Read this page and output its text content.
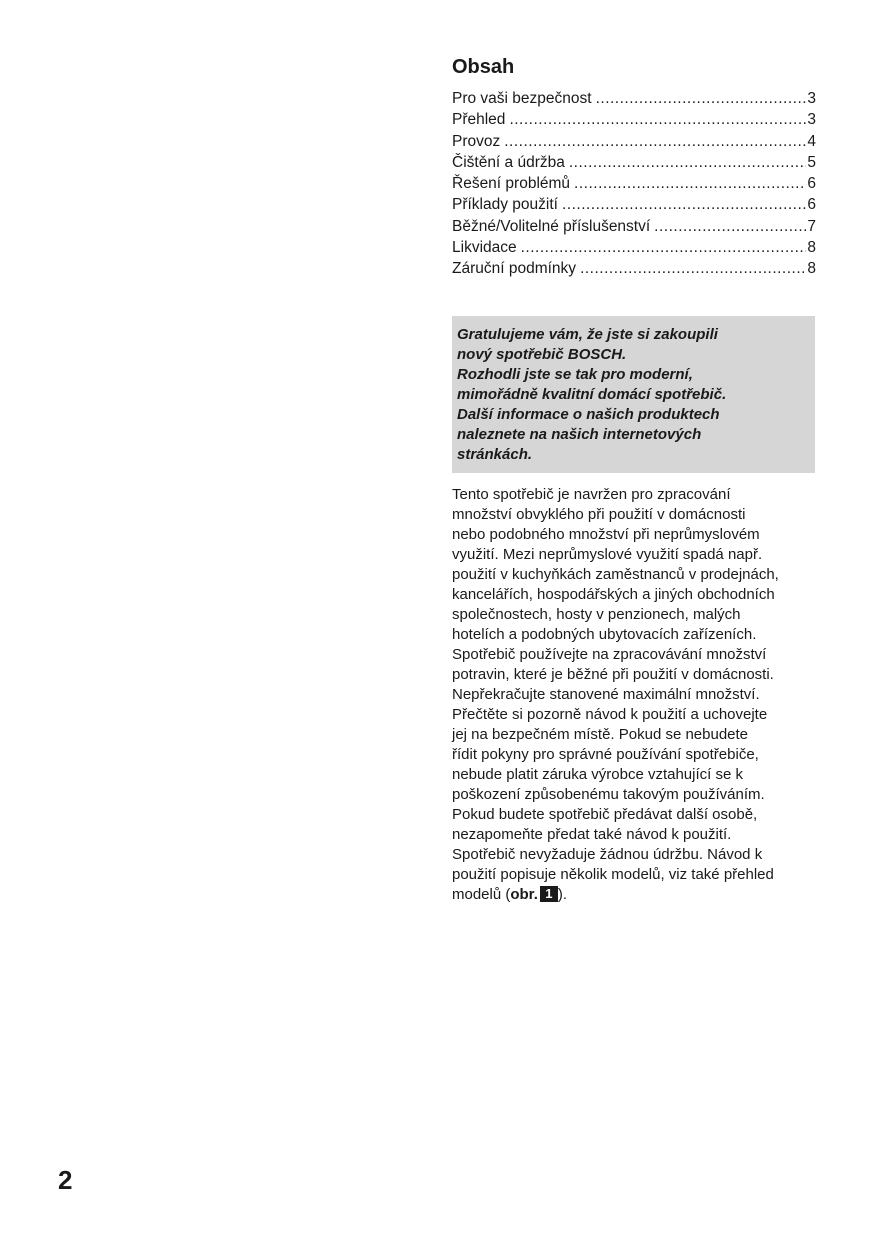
Obsah
Pro vaši bezpečnost .....	3
Přehled .....	3
Provoz .....	4
Čištění a údržba .....	5
Řešení problémů .....	6
Příklady použití .....	6
Běžné/Volitelné příslušenství .....	7
Likvidace .....	8
Záruční podmínky .....	8
Gratulujeme vám, že jste si zakoupili
nový spotřebič BOSCH.
Rozhodli jste se tak pro moderní,
mimořádně kvalitní domácí spotřebič.
Další informace o našich produktech
naleznete na našich internetových
stránkách.
Tento spotřebič je navržen pro zpracování
množství obvyklého při použití v domácnosti
nebo podobného množství při neprůmyslovém
využití. Mezi neprůmyslové využití spadá např.
použití v kuchyňkách zaměstnanců v prodejnách,
kancelářích, hospodářských a jiných obchodních
společnostech, hosty v penzionech, malých
hotelích a podobných ubytovacích zařízeních.
Spotřebič používejte na zpracovávání množství
potravin, které je běžné při použití v domácnosti.
Nepřekračujte stanovené maximální množství.
Přečtěte si pozorně návod k použití a uchovejte
jej na bezpečném místě. Pokud se nebudete
řídit pokyny pro správné používání spotřebiče,
nebude platit záruka výrobce vztahující se k
poškození způsobenému takovým používáním.
Pokud budete spotřebič předávat další osobě,
nezapomeňte předat také návod k použití.
Spotřebič nevyžaduje žádnou údržbu. Návod k
použití popisuje několik modelů, viz také přehled
modelů (obr. 1 ).
2
